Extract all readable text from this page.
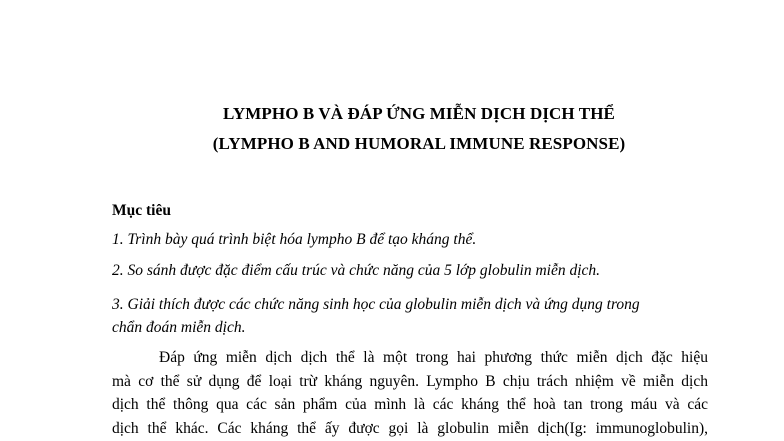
LYMPHO B VÀ ĐÁP ỨNG MIỄN DỊCH DỊCH THỂ
(LYMPHO B AND HUMORAL IMMUNE RESPONSE)
Mục tiêu
1. Trình bày quá trình biệt hóa lympho B để tạo kháng thể.
2. So sánh được đặc điểm cấu trúc và chức năng của 5 lớp globulin miễn dịch.
3. Giải thích được các chức năng sinh học của globulin miễn dịch và ứng dụng trong
chẩn đoán miễn dịch.
Đáp ứng miễn dịch dịch thể là một trong hai phương thức miễn dịch đặc hiệu
mà cơ thể sử dụng để loại trừ kháng nguyên. Lympho B chịu trách nhiệm về miễn dịch
dịch thể thông qua các sản phẩm của mình là các kháng thể hoà tan trong máu và các
dịch thể khác. Các kháng thể ấy được gọi là globulin miễn dịch(Ig: immunoglobulin),
